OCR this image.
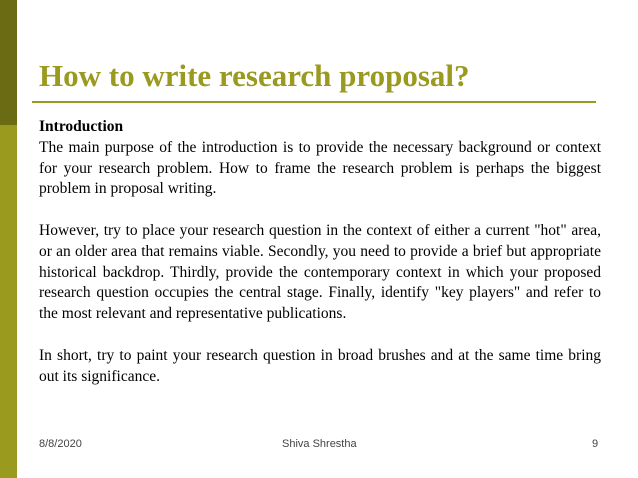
How to write research proposal?

Introduction

The main purpose of the introduction is to provide the necessary background or context for your research problem. How to frame the research problem is perhaps the biggest problem in proposal writing.

However, try to place your research question in the context of either a current "hot" area, or an older area that remains viable. Secondly, you need to provide a brief but appropriate historical backdrop. Thirdly, provide the contemporary context in which your proposed research question occupies the central stage. Finally, identify "key players" and refer to the most relevant and representative publications.

In short, try to paint your research question in broad brushes and at the same time bring out its significance.

8/8/2020	Shiva Shrestha	9
